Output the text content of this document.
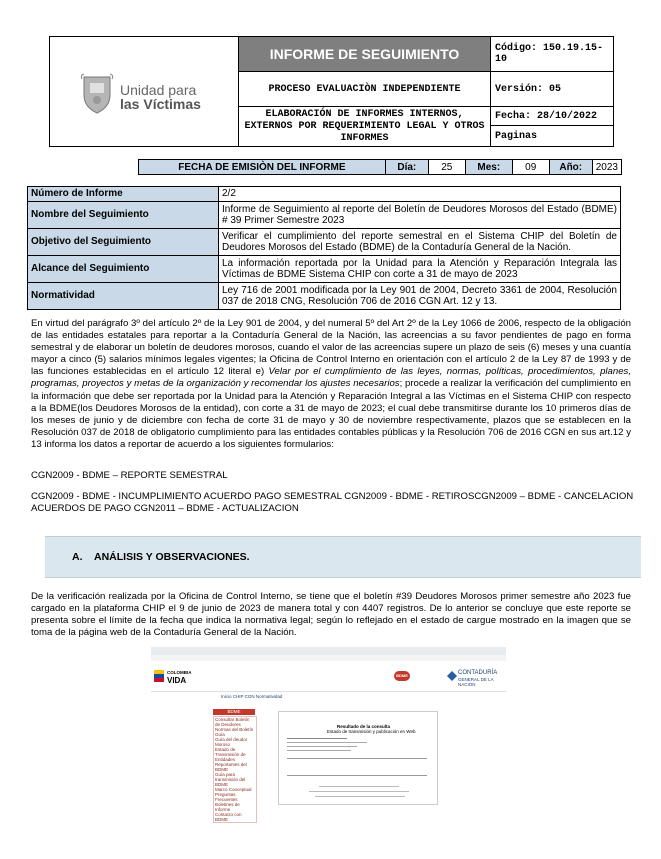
Unidad para
las Víctimas	INFORME DE SEGUIMIENTO	Código: 150.19.15-10
	PROCESO EVALUACIÒN INDEPENDIENTE	Versión: 05
	ELABORACIÓN DE INFORMES INTERNOS, EXTERNOS POR REQUERIMIENTO LEGAL Y OTROS INFORMES	Fecha: 28/10/2022
		Paginas
FECHA DE EMISIÒN DEL INFORME	Día:	25	Mes:	09	Año:	2023
Número de Informe	2/2
Nombre del Seguimiento	Informe de Seguimiento al reporte del Boletín de Deudores Morosos del Estado (BDME) # 39 Primer Semestre 2023
Objetivo del Seguimiento	Verificar el cumplimiento del reporte semestral en el Sistema CHIP del Boletín de Deudores Morosos del Estado (BDME) de la Contaduría General de la Nación.
Alcance del Seguimiento	La información reportada por la Unidad para la Atención y Reparación Integrala las Víctimas de BDME Sistema CHIP con corte a 31 de mayo de 2023
Normatividad	Ley 716 de 2001 modificada por la Ley 901 de 2004, Decreto 3361 de 2004, Resolución 037 de 2018 CNG, Resolución 706 de 2016 CGN Art. 12 y 13.
En virtud del parágrafo 3º del artículo 2º de la Ley 901 de 2004, y del numeral 5º del Art 2º de la Ley 1066 de 2006, respecto de la obligación de las entidades estatales para reportar a la Contaduría General de la Nación, las acreencias a su favor pendientes de pago en forma semestral y de elaborar un boletín de deudores morosos, cuando el valor de las acreencias supere un plazo de seis (6) meses y una cuantía mayor a cinco (5) salarios mínimos legales vigentes; la Oficina de Control Interno en orientación con el artículo 2 de la Ley 87 de 1993 y de las funciones establecidas en el artículo 12 literal e) Velar por el cumplimiento de las leyes, normas, políticas, procedimientos, planes, programas, proyectos y metas de la organización y recomendar los ajustes necesarios; procede a realizar la verificación del cumplimiento en la información que debe ser reportada por la Unidad para la Atención y Reparación Integral a las Víctimas en el Sistema CHIP con respecto a la BDME(los Deudores Morosos de la entidad), con corte a 31 de mayo de 2023; el cual debe transmitirse durante los 10 primeros días de los meses de junio y de diciembre con fecha de corte 31 de mayo y 30 de noviembre respectivamente, plazos que se establecen en la Resolución 037 de 2018 de obligatorio cumplimiento para las entidades contables públicas y la Resolución 706 de 2016 CGN en sus art.12 y 13 informa los datos a reportar de acuerdo a los siguientes formularios:
CGN2009 - BDME – REPORTE SEMESTRAL
CGN2009 - BDME - INCUMPLIMIENTO ACUERDO PAGO SEMESTRAL CGN2009 - BDME - RETIROSCGN2009 – BDME - CANCELACION ACUERDOS DE PAGO CGN2011 – BDME - ACTUALIZACION
A. ANÁLISIS Y OBSERVACIONES.
De la verificación realizada por la Oficina de Control Interno, se tiene que el boletín #39 Deudores Morosos primer semestre año 2023 fue cargado en la plataforma CHIP el 9 de junio de 2023 de manera total y con 4407 registros. De lo anterior se concluye que este reporte se presenta sobre el límite de la fecha que indica la normativa legal; según lo reflejado en el estado de cargue mostrado en la imagen que se toma de la página web de la Contaduría General de la Nación.
COLOMBIA
VIDA
BDME	CONTADURÍA
GENERAL DE LA NACIÓN
Inicio CHIP CGN Normatividad
BDME
Consultar Boletín de Deudores
Normas del Boletín
Guía
Guía del deudor Moroso
Estado de Transmisión de Entidades
Reportantes del BDME
Guía para transmisión del BDME
Marco Conceptual
Preguntas Frecuentes
Boletines de Informe
Contacto con BDME
Resultado de la consulta
Estado de transmisión y publicación en Web
